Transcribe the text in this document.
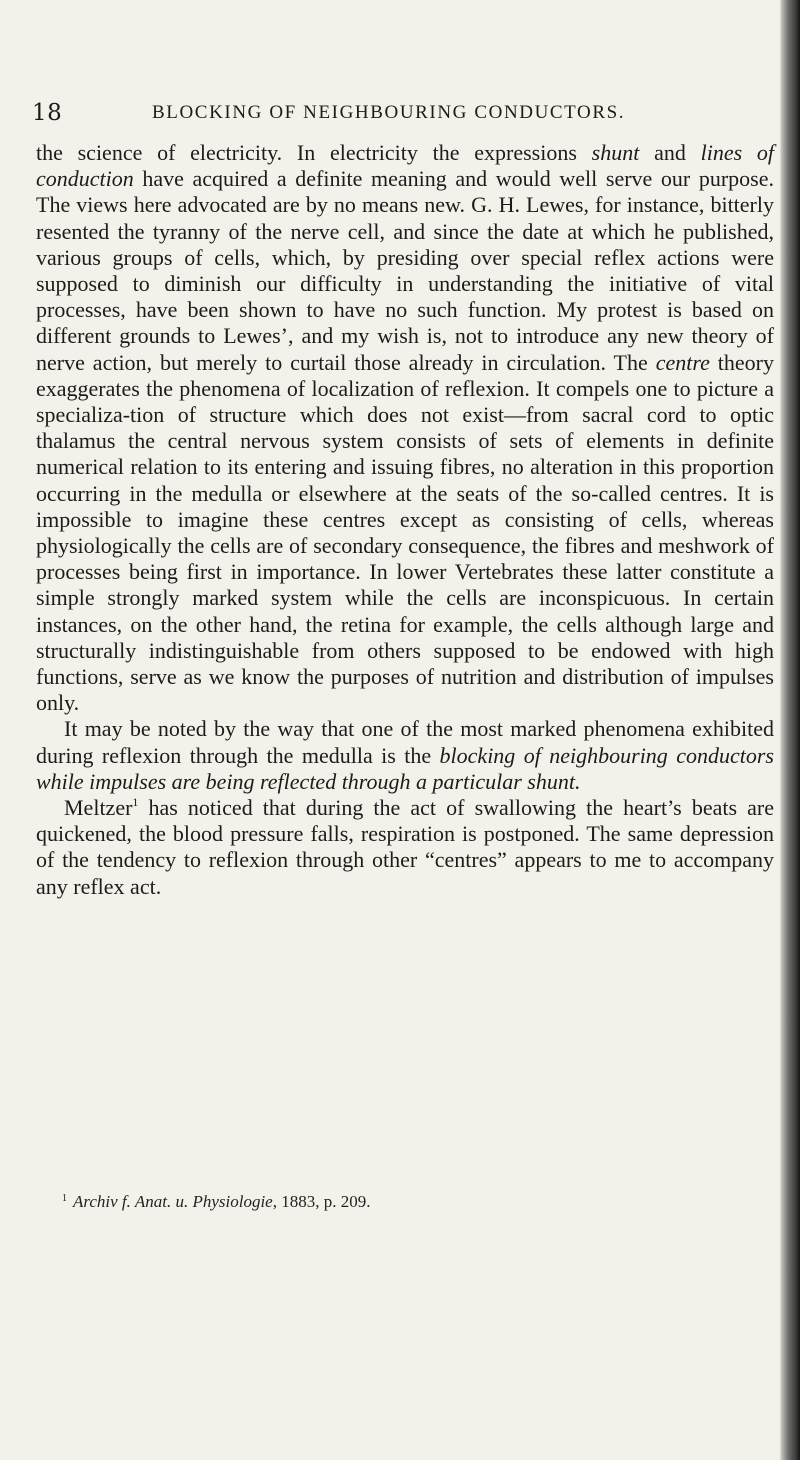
18	BLOCKING OF NEIGHBOURING CONDUCTORS.

the science of electricity. In electricity the expressions shunt and lines of conduction have acquired a definite meaning and would well serve our purpose. The views here advocated are by no means new. G. H. Lewes, for instance, bitterly resented the tyranny of the nerve cell, and since the date at which he published, various groups of cells, which, by presiding over special reflex actions were supposed to diminish our difficulty in understanding the initiative of vital processes, have been shown to have no such function. My protest is based on different grounds to Lewes’, and my wish is, not to introduce any new theory of nerve action, but merely to curtail those already in circulation. The centre theory exaggerates the phenomena of localization of reflexion. It compels one to picture a specializa-tion of structure which does not exist—from sacral cord to optic thalamus the central nervous system consists of sets of elements in definite numerical relation to its entering and issuing fibres, no alteration in this proportion occurring in the medulla or elsewhere at the seats of the so-called centres. It is impossible to imagine these centres except as consisting of cells, whereas physiologically the cells are of secondary consequence, the fibres and meshwork of processes being first in importance. In lower Vertebrates these latter constitute a simple strongly marked system while the cells are inconspicuous. In certain instances, on the other hand, the retina for example, the cells although large and structurally indistinguishable from others supposed to be endowed with high functions, serve as we know the purposes of nutrition and distribution of impulses only.

It may be noted by the way that one of the most marked phenomena exhibited during reflexion through the medulla is the blocking of neighbouring conductors while impulses are being reflected through a particular shunt.

Meltzer$^1$ has noticed that during the act of swallowing the heart’s beats are quickened, the blood pressure falls, respiration is postponed. The same depression of the tendency to reflexion through other “centres” appears to me to accompany any reflex act.

$^1$ Archiv f. Anat. u. Physiologie, 1883, p. 209.
